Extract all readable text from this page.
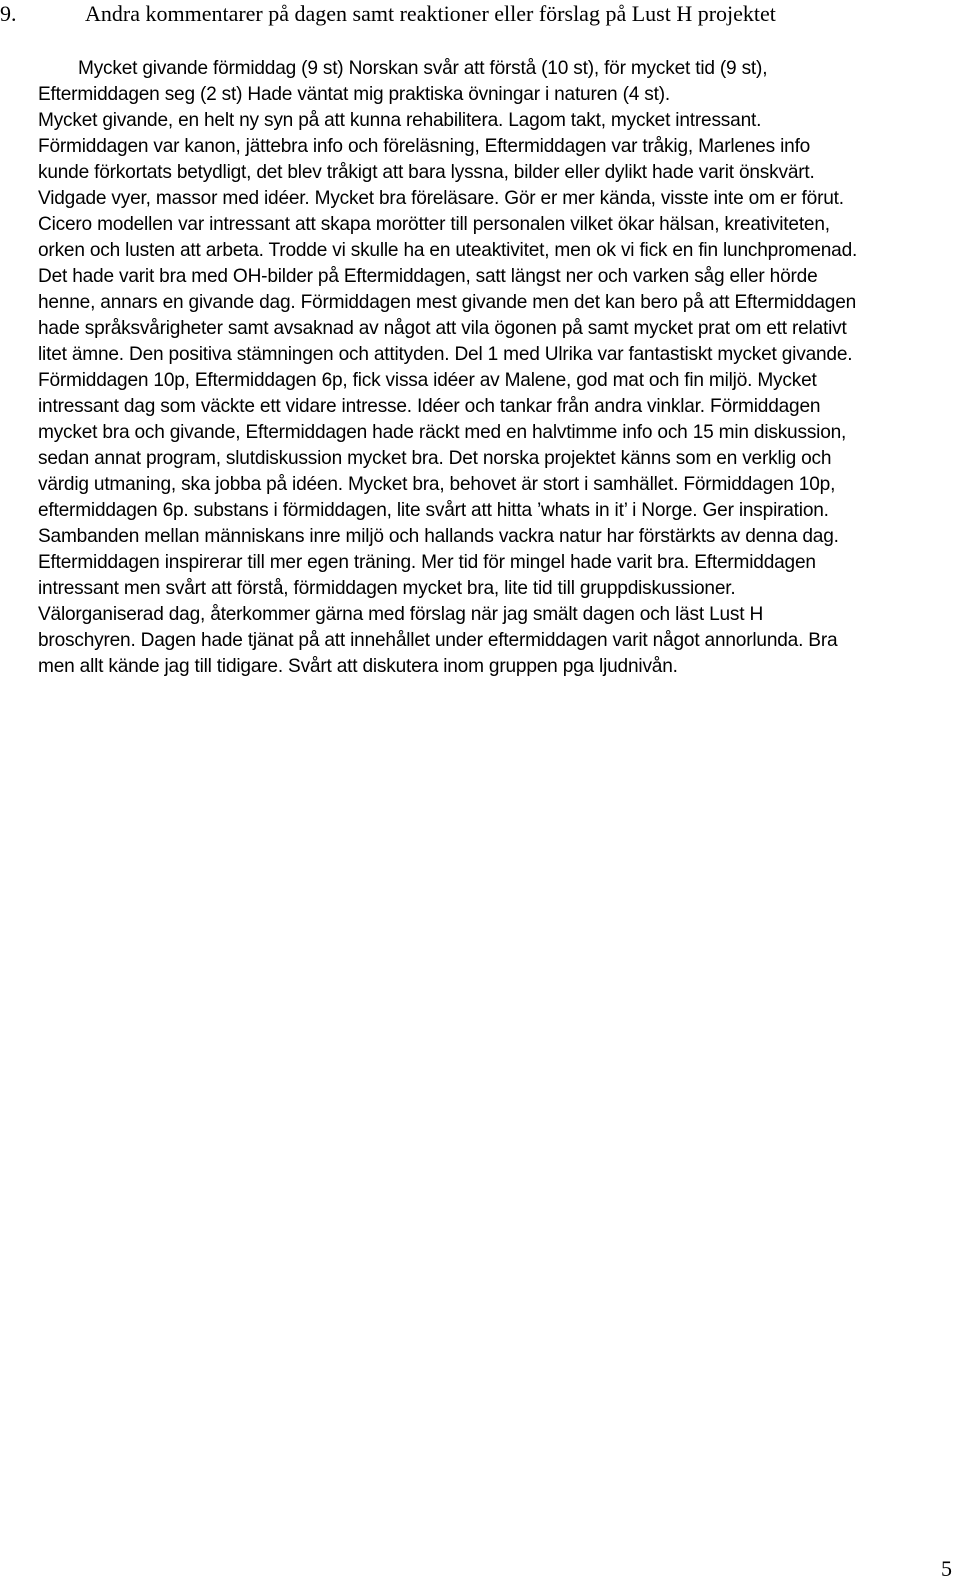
9.	Andra kommentarer på dagen samt reaktioner eller förslag på Lust H projektet
Mycket givande förmiddag (9 st) Norskan svår att förstå (10 st), för mycket tid (9 st),
Eftermiddagen seg (2 st) Hade väntat mig praktiska övningar i naturen (4 st).
Mycket givande, en helt ny syn på att kunna rehabilitera. Lagom takt, mycket intressant.
Förmiddagen var kanon, jättebra info och föreläsning, Eftermiddagen var tråkig, Marlenes info
kunde förkortats betydligt, det blev tråkigt att bara lyssna, bilder eller dylikt hade varit önskvärt.
Vidgade vyer, massor med idéer. Mycket bra föreläsare. Gör er mer kända, visste inte om er förut.
Cicero modellen var intressant att skapa morötter till personalen vilket ökar hälsan, kreativiteten,
orken och lusten att arbeta. Trodde vi skulle ha en uteaktivitet, men ok vi fick en fin lunchpromenad.
Det hade varit bra med OH-bilder på Eftermiddagen, satt längst ner och varken såg eller hörde
henne, annars en givande dag. Förmiddagen mest givande men det kan bero på att Eftermiddagen
hade språksvårigheter samt avsaknad av något att vila ögonen på samt mycket prat om ett relativt
litet ämne. Den positiva stämningen och attityden. Del 1 med Ulrika var fantastiskt mycket givande.
Förmiddagen 10p, Eftermiddagen 6p, fick vissa idéer av Malene, god mat och fin miljö. Mycket
intressant dag som väckte ett vidare intresse. Idéer och tankar från andra vinklar. Förmiddagen
mycket bra och givande, Eftermiddagen hade räckt med en halvtimme info och 15 min diskussion,
sedan annat program, slutdiskussion mycket bra. Det norska projektet känns som en verklig och
värdig utmaning, ska jobba på idéen. Mycket bra, behovet är stort i samhället. Förmiddagen 10p,
eftermiddagen 6p. substans i förmiddagen, lite svårt att hitta ’whats in it’ i Norge. Ger inspiration.
Sambanden mellan människans inre miljö och hallands vackra natur har förstärkts av denna dag.
Eftermiddagen inspirerar till mer egen träning. Mer tid för mingel hade varit bra. Eftermiddagen
intressant men svårt att förstå, förmiddagen mycket bra, lite tid till gruppdiskussioner.
Välorganiserad dag, återkommer gärna med förslag när jag smält dagen och läst Lust H
broschyren. Dagen hade tjänat på att innehållet under eftermiddagen varit något annorlunda. Bra
men allt kände jag till tidigare. Svårt att diskutera inom gruppen pga ljudnivån.
5
